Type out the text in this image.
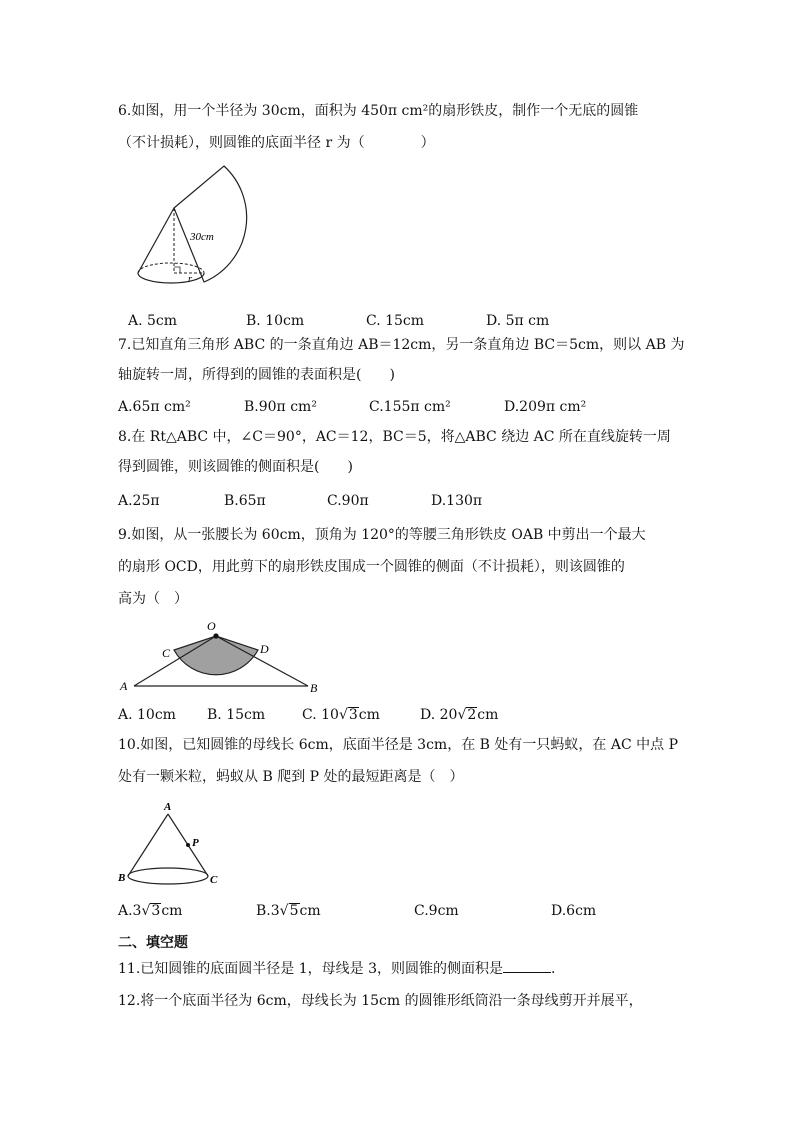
6.如图，用一个半径为 30cm，面积为 450π cm²的扇形铁皮，制作一个无底的圆锥
（不计损耗），则圆锥的底面半径 r 为（　　　　）
30cm
r
A. 5cm	B. 10cm	C. 15cm	D. 5π cm
7.已知直角三角形 ABC 的一条直角边 AB＝12cm，另一条直角边 BC＝5cm，则以 AB 为
轴旋转一周，所得到的圆锥的表面积是(　　)
A.65π cm²	B.90π cm²	C.155π cm²	D.209π cm²
8.在 Rt△ABC 中，∠C＝90°，AC＝12，BC＝5，将△ABC 绕边 AC 所在直线旋转一周
得到圆锥，则该圆锥的侧面积是(　　)
A.25π	B.65π	C.90π	D.130π
9.如图，从一张腰长为 60cm，顶角为 120°的等腰三角形铁皮 OAB 中剪出一个最大
的扇形 OCD，用此剪下的扇形铁皮围成一个圆锥的侧面（不计损耗），则该圆锥的
高为（　）
O
C	D
A	B
A. 10cm B. 15cm	C. 10√3cm	D. 20√2cm
10.如图，已知圆锥的母线长 6cm，底面半径是 3cm，在 B 处有一只蚂蚁，在 AC 中点 P
处有一颗米粒，蚂蚁从 B 爬到 P 处的最短距离是（　）
A
P
B	C
A.3√3cm	B.3√5cm	C.9cm	D.6cm
二、填空题
11.已知圆锥的底面圆半径是 1，母线是 3，则圆锥的侧面积是	.
12.将一个底面半径为 6cm，母线长为 15cm 的圆锥形纸筒沿一条母线剪开并展平，
